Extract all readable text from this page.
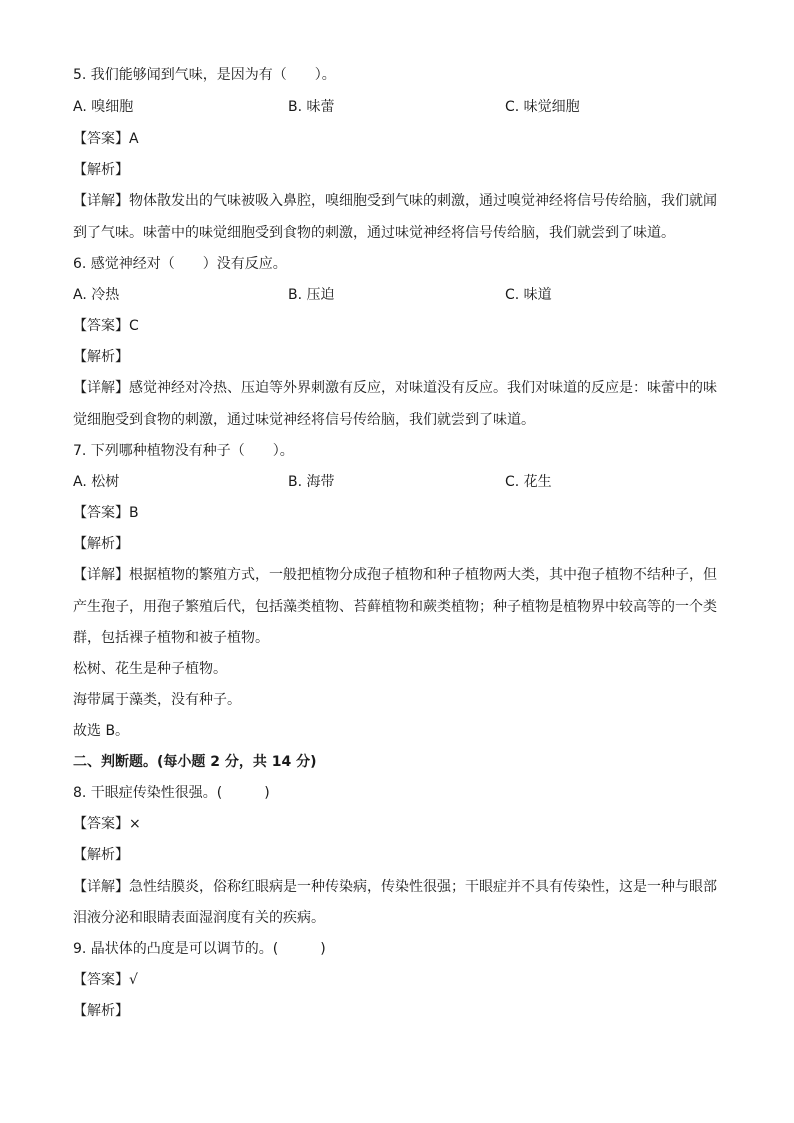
5. 我们能够闻到气味，是因为有（　　）。
A. 嗅细胞	B. 味蕾	C. 味觉细胞
【答案】A
【解析】
【详解】物体散发出的气味被吸入鼻腔，嗅细胞受到气味的刺激，通过嗅觉神经将信号传给脑，我们就闻
到了气味。味蕾中的味觉细胞受到食物的刺激，通过味觉神经将信号传给脑，我们就尝到了味道。
6. 感觉神经对（　　）没有反应。
A. 冷热	B. 压迫	C. 味道
【答案】C
【解析】
【详解】感觉神经对冷热、压迫等外界刺激有反应，对味道没有反应。我们对味道的反应是：味蕾中的味
觉细胞受到食物的刺激，通过味觉神经将信号传给脑，我们就尝到了味道。
7. 下列哪种植物没有种子（　　）。
A. 松树	B. 海带	C. 花生
【答案】B
【解析】
【详解】根据植物的繁殖方式，一般把植物分成孢子植物和种子植物两大类，其中孢子植物不结种子，但
产生孢子，用孢子繁殖后代，包括藻类植物、苔藓植物和蕨类植物；种子植物是植物界中较高等的一个类
群，包括裸子植物和被子植物。
松树、花生是种子植物。
海带属于藻类，没有种子。
故选 B。
二、判断题。(每小题 2 分，共 14 分)
8. 干眼症传染性很强。(　　　)
【答案】×
【解析】
【详解】急性结膜炎，俗称红眼病是一种传染病，传染性很强；干眼症并不具有传染性，这是一种与眼部
泪液分泌和眼睛表面湿润度有关的疾病。
9. 晶状体的凸度是可以调节的。(　　　)
【答案】√
【解析】
